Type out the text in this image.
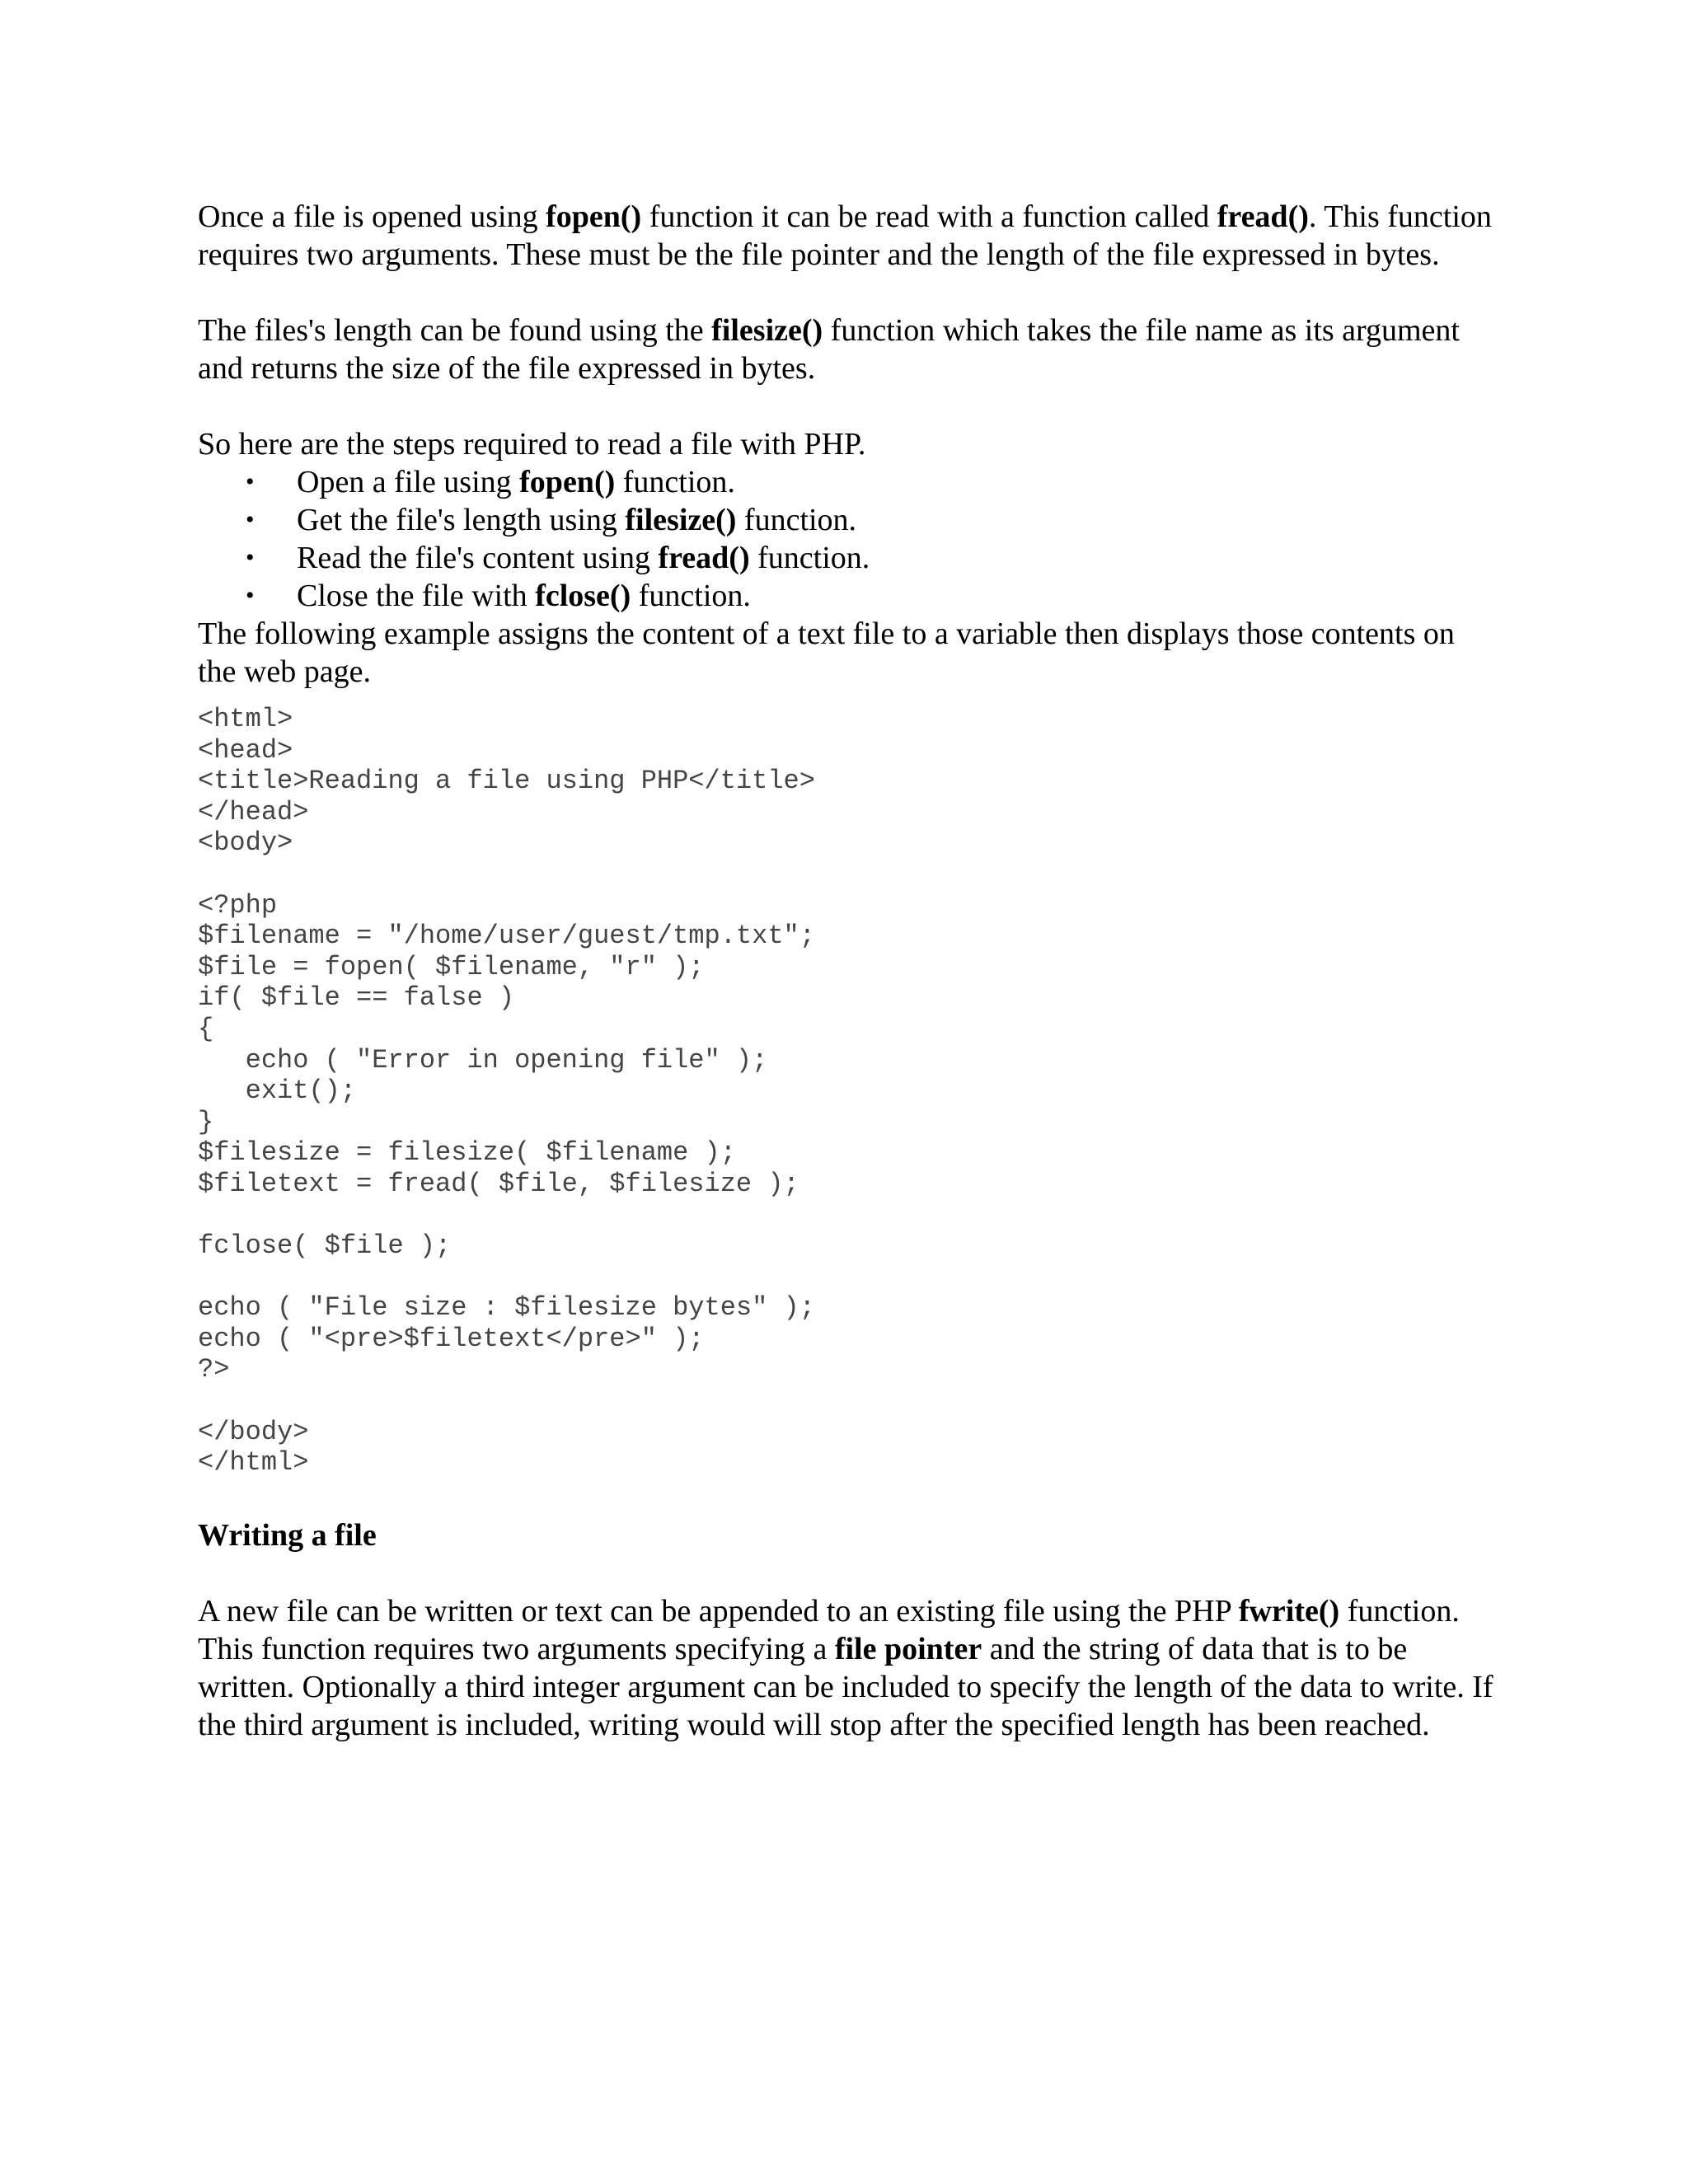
Once a file is opened using fopen() function it can be read with a function called fread(). This function requires two arguments. These must be the file pointer and the length of the file expressed in bytes.

The files's length can be found using the filesize() function which takes the file name as its argument and returns the size of the file expressed in bytes.

So here are the steps required to read a file with PHP.

• Open a file using fopen() function.
• Get the file's length using filesize() function.
• Read the file's content using fread() function.
• Close the file with fclose() function.

The following example assigns the content of a text file to a variable then displays those contents on the web page.

<html>
<head>
<title>Reading a file using PHP</title>
</head>
<body>

<?php
$filename = "/home/user/guest/tmp.txt";
$file = fopen( $filename, "r" );
if( $file == false )
{
echo ( "Error in opening file" );
exit();
}
$filesize = filesize( $filename );
$filetext = fread( $file, $filesize );

fclose( $file );

echo ( "File size : $filesize bytes" );
echo ( "<pre>$filetext</pre>" );
?>

</body>
</html>

Writing a file

A new file can be written or text can be appended to an existing file using the PHP fwrite() function. This function requires two arguments specifying a file pointer and the string of data that is to be written. Optionally a third integer argument can be included to specify the length of the data to write. If the third argument is included, writing would will stop after the specified length has been reached.
